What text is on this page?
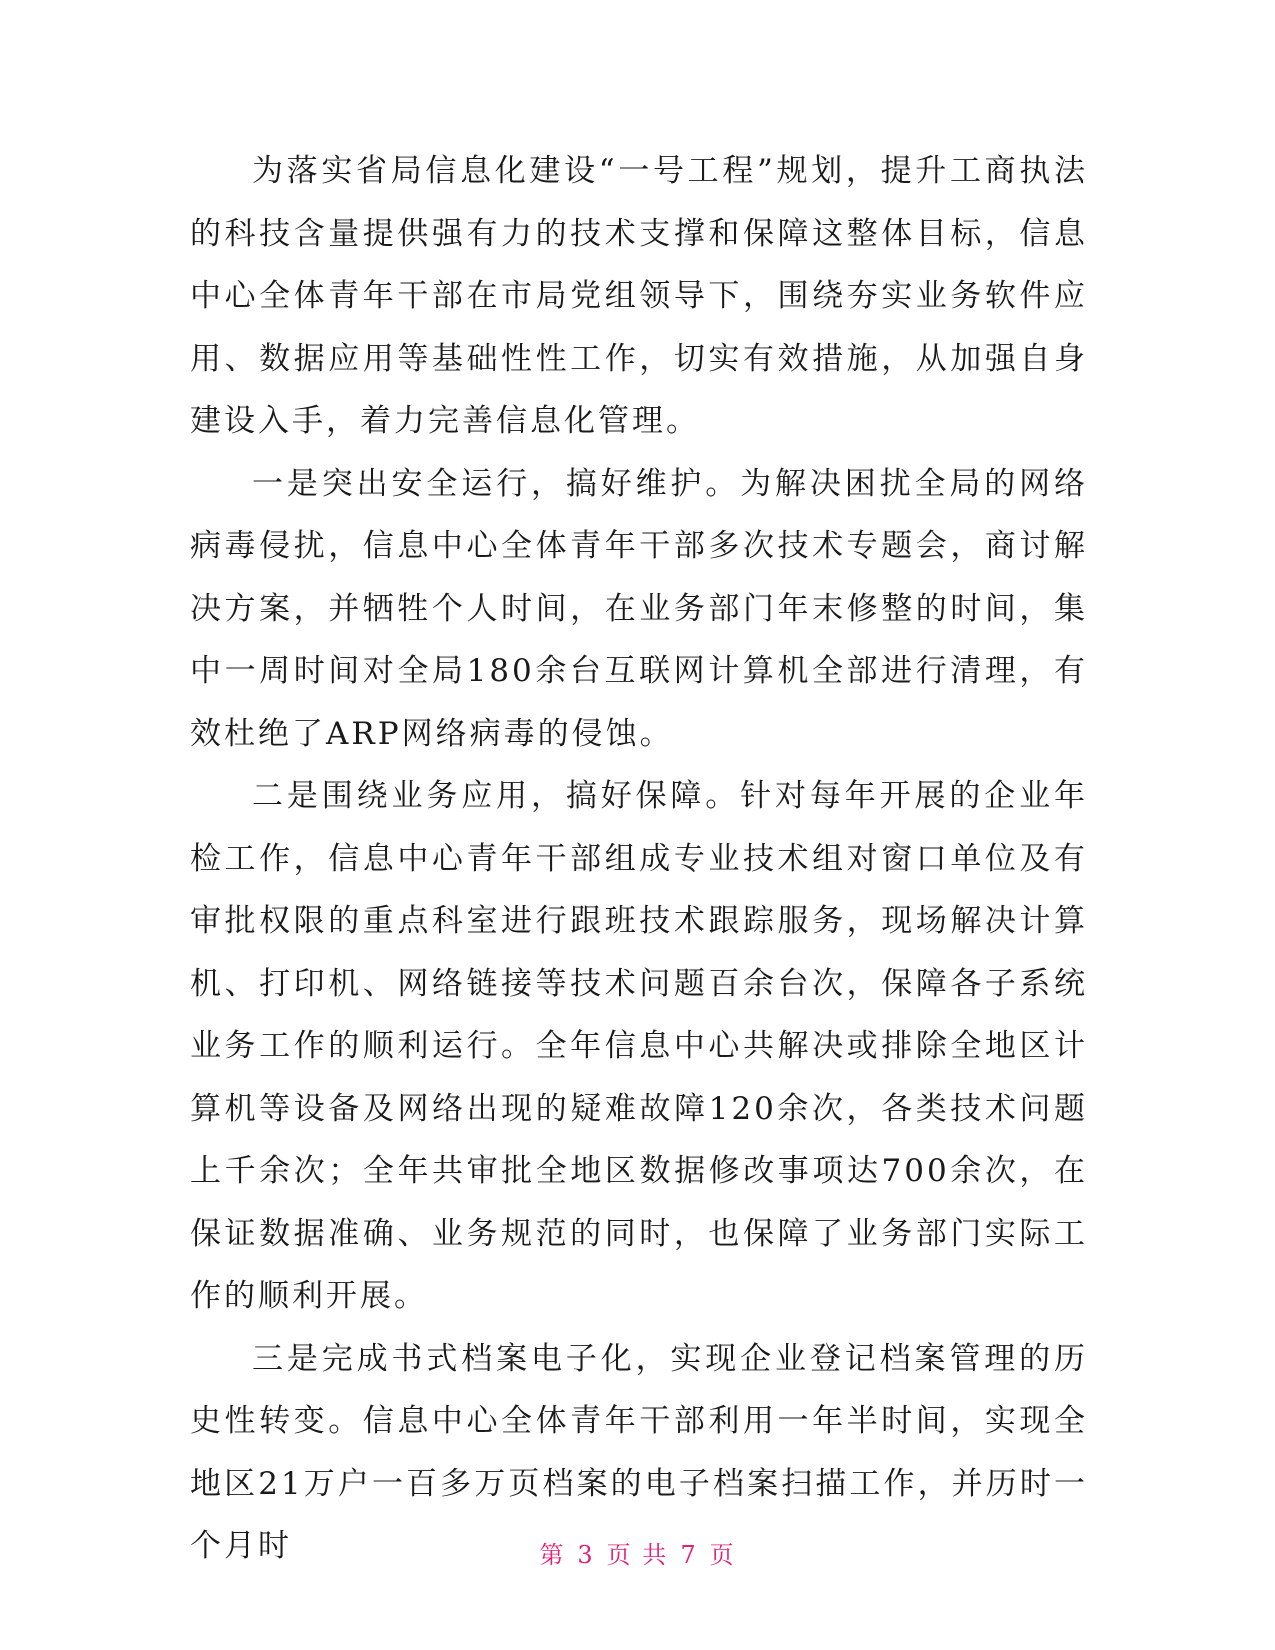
为落实省局信息化建设“一号工程”规划，提升工商执法的科技含量提供强有力的技术支撑和保障这整体目标，信息中心全体青年干部在市局党组领导下，围绕夯实业务软件应用、数据应用等基础性性工作，切实有效措施，从加强自身建设入手，着力完善信息化管理。

一是突出安全运行，搞好维护。为解决困扰全局的网络病毒侵扰，信息中心全体青年干部多次技术专题会，商讨解决方案，并牺牲个人时间，在业务部门年末修整的时间，集中一周时间对全局180余台互联网计算机全部进行清理，有效杜绝了ARP网络病毒的侵蚀。

二是围绕业务应用，搞好保障。针对每年开展的企业年检工作，信息中心青年干部组成专业技术组对窗口单位及有审批权限的重点科室进行跟班技术跟踪服务，现场解决计算机、打印机、网络链接等技术问题百余台次，保障各子系统业务工作的顺利运行。全年信息中心共解决或排除全地区计算机等设备及网络出现的疑难故障120余次，各类技术问题上千余次；全年共审批全地区数据修改事项达700余次，在保证数据准确、业务规范的同时，也保障了业务部门实际工作的顺利开展。

三是完成书式档案电子化，实现企业登记档案管理的历史性转变。信息中心全体青年干部利用一年半时间，实现全地区21万户一百多万页档案的电子档案扫描工作，并历时一个月时	第 3 页 共 7 页
